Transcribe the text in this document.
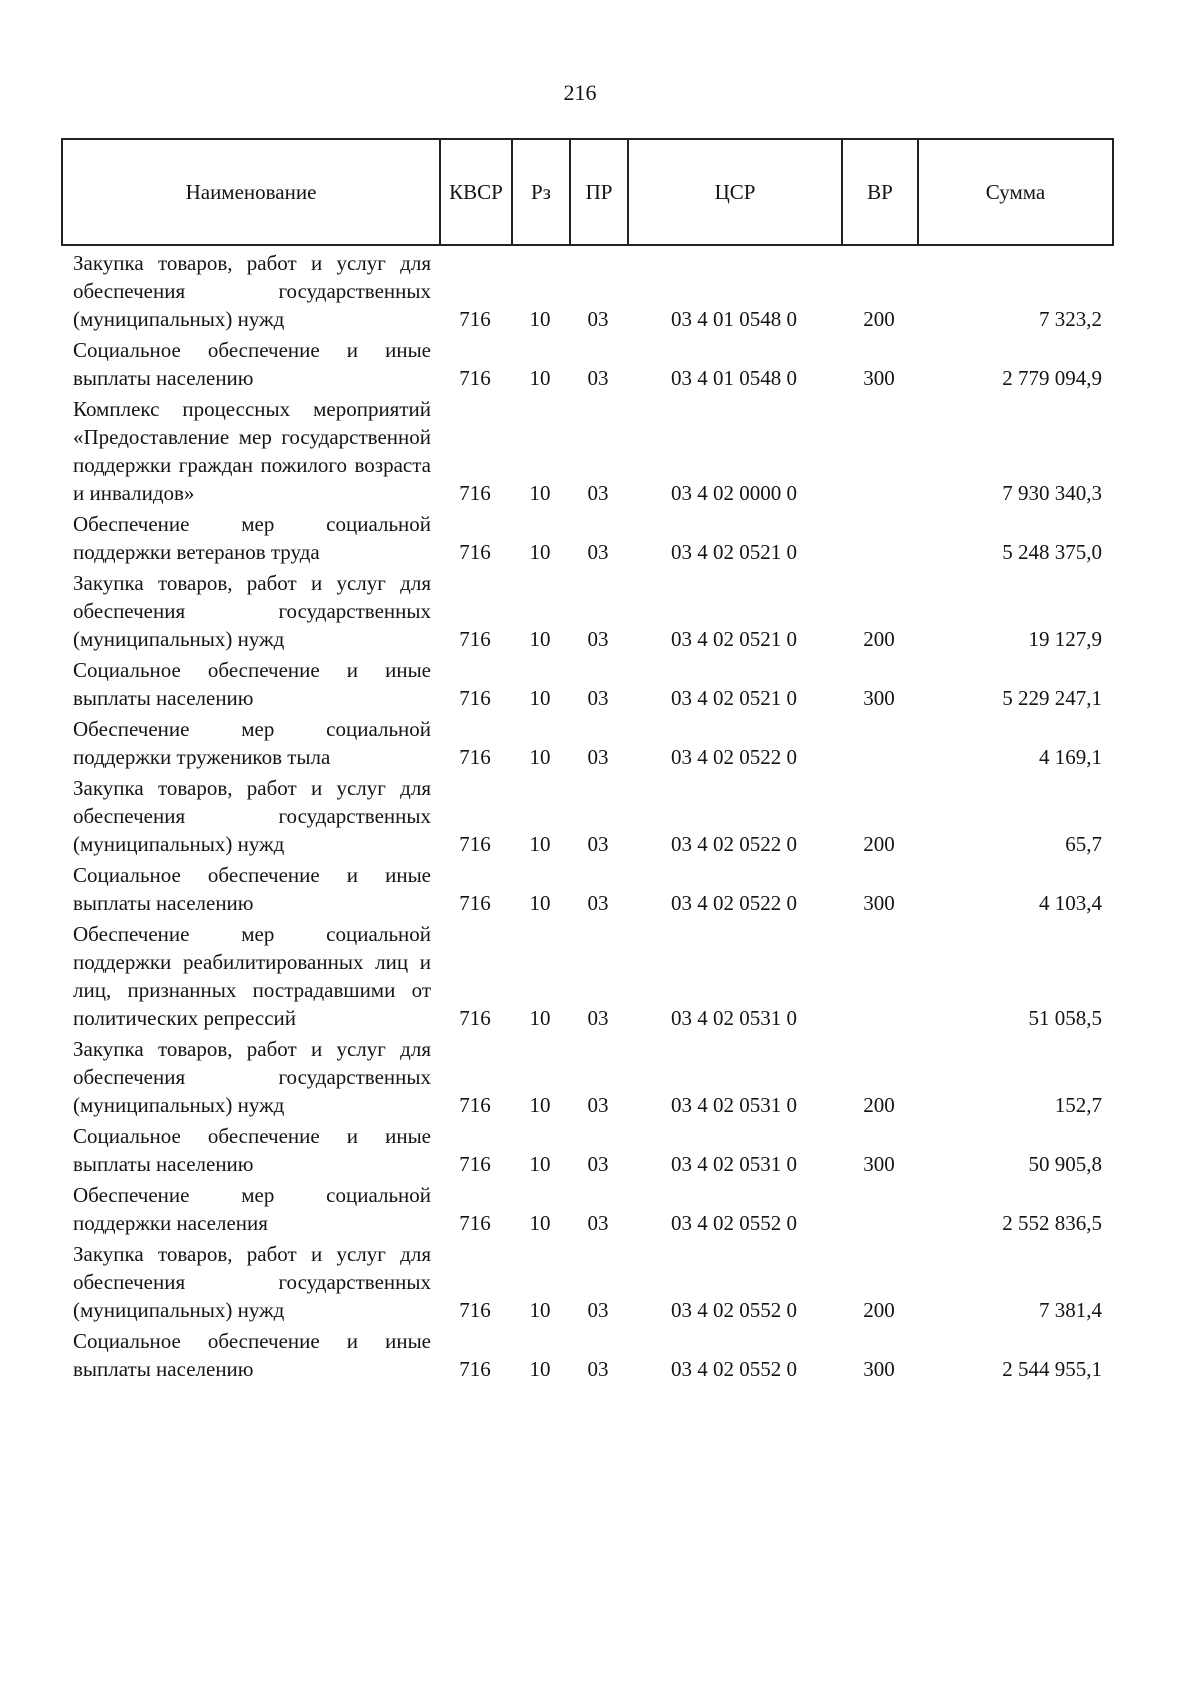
216
Наименование	КВСР	Рз	ПР	ЦСР	ВР	Сумма
Закупка товаров, работ и услуг для обеспечения государственных (муниципальных) нужд	716	10	03	03 4 01 0548 0	200	7 323,2
Социальное обеспечение и иные выплаты населению	716	10	03	03 4 01 0548 0	300	2 779 094,9
Комплекс процессных мероприятий «Предоставление мер государственной поддержки граждан пожилого возраста и инвалидов»	716	10	03	03 4 02 0000 0		7 930 340,3
Обеспечение мер социальной поддержки ветеранов труда	716	10	03	03 4 02 0521 0		5 248 375,0
Закупка товаров, работ и услуг для обеспечения государственных (муниципальных) нужд	716	10	03	03 4 02 0521 0	200	19 127,9
Социальное обеспечение и иные выплаты населению	716	10	03	03 4 02 0521 0	300	5 229 247,1
Обеспечение мер социальной поддержки тружеников тыла	716	10	03	03 4 02 0522 0		4 169,1
Закупка товаров, работ и услуг для обеспечения государственных (муниципальных) нужд	716	10	03	03 4 02 0522 0	200	65,7
Социальное обеспечение и иные выплаты населению	716	10	03	03 4 02 0522 0	300	4 103,4
Обеспечение мер социальной поддержки реабилитированных лиц и лиц, признанных пострадавшими от политических репрессий	716	10	03	03 4 02 0531 0		51 058,5
Закупка товаров, работ и услуг для обеспечения государственных (муниципальных) нужд	716	10	03	03 4 02 0531 0	200	152,7
Социальное обеспечение и иные выплаты населению	716	10	03	03 4 02 0531 0	300	50 905,8
Обеспечение мер социальной поддержки населения	716	10	03	03 4 02 0552 0		2 552 836,5
Закупка товаров, работ и услуг для обеспечения государственных (муниципальных) нужд	716	10	03	03 4 02 0552 0	200	7 381,4
Социальное обеспечение и иные выплаты населению	716	10	03	03 4 02 0552 0	300	2 544 955,1
